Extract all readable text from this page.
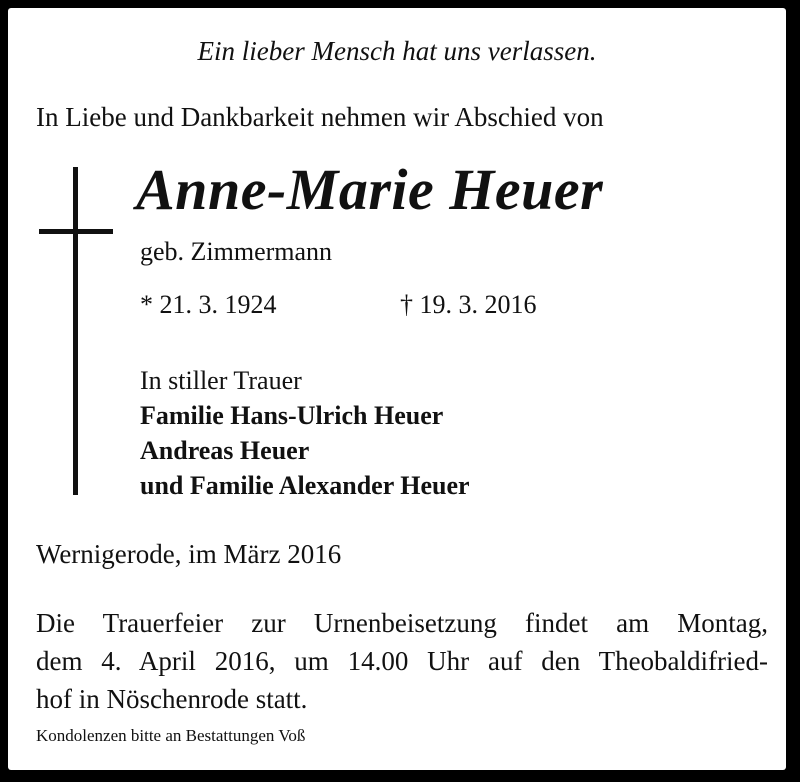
Ein lieber Mensch hat uns verlassen.
In Liebe und Dankbarkeit nehmen wir Abschied von
Anne-Marie Heuer
geb. Zimmermann
* 21. 3. 1924	† 19. 3. 2016
In stiller Trauer
Familie Hans-Ulrich Heuer
Andreas Heuer
und Familie Alexander Heuer
Wernigerode, im März 2016
Die Trauerfeier zur Urnenbeisetzung findet am Montag,
dem 4. April 2016, um 14.00 Uhr auf den Theobaldifried-
hof in Nöschenrode statt.
Kondolenzen bitte an Bestattungen Voß
